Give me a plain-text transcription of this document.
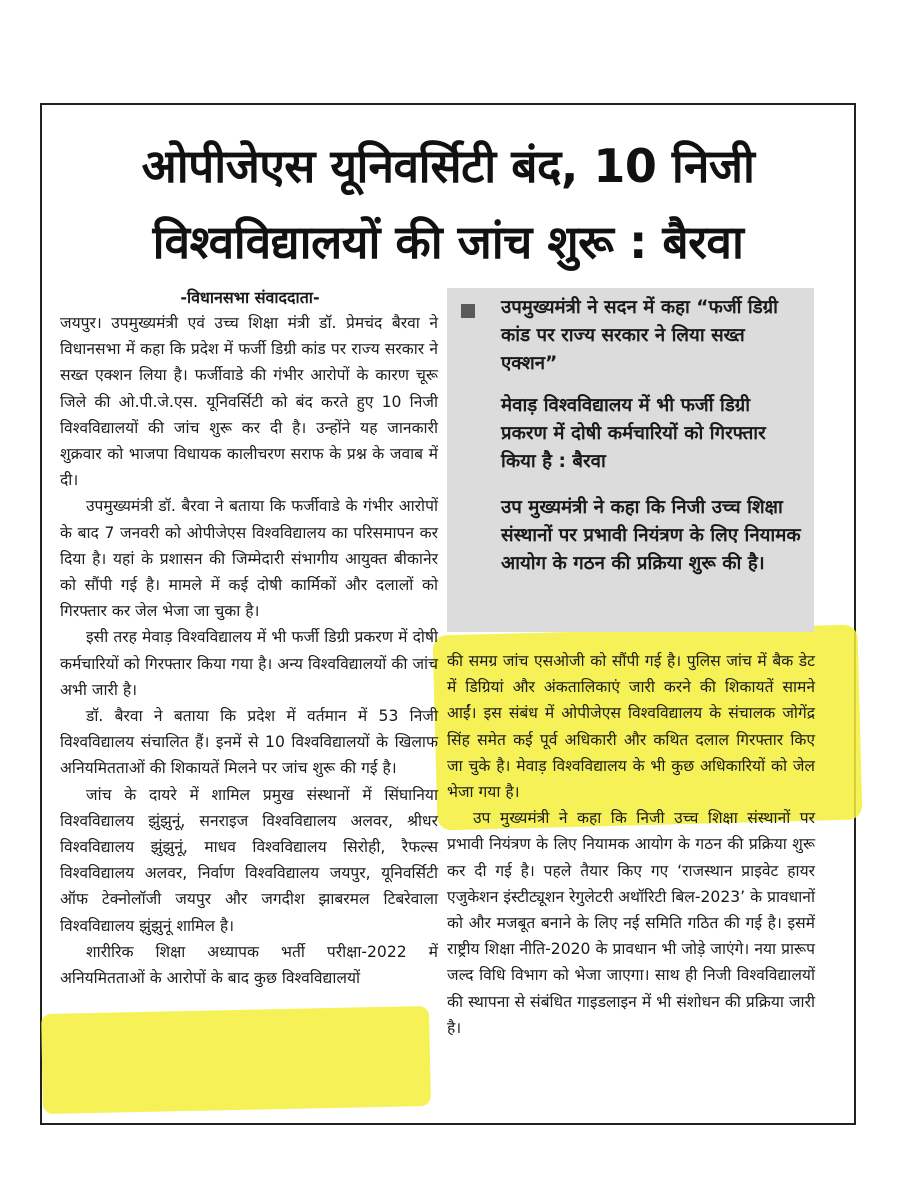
ओपीजेएस यूनिवर्सिटी बंद, 10 निजी
विश्वविद्यालयों की जांच शुरू : बैरवा
-विधानसभा संवाददाता-

जयपुर। उपमुख्यमंत्री एवं उच्च शिक्षा मंत्री डॉ. प्रेमचंद बैरवा ने विधानसभा में कहा कि प्रदेश में फर्जी डिग्री कांड पर राज्य सरकार ने सख्त एक्शन लिया है। फर्जीवाडे की गंभीर आरोपों के कारण चूरू जिले की ओ.पी.जे.एस. यूनिवर्सिटी को बंद करते हुए 10 निजी विश्वविद्यालयों की जांच शुरू कर दी है। उन्होंने यह जानकारी शुक्रवार को भाजपा विधायक कालीचरण सराफ के प्रश्न के जवाब में दी।

उपमुख्यमंत्री डॉ. बैरवा ने बताया कि फर्जीवाडे के गंभीर आरोपों के बाद 7 जनवरी को ओपीजेएस विश्वविद्यालय का परिसमापन कर दिया है। यहां के प्रशासन की जिम्मेदारी संभागीय आयुक्त बीकानेर को सौंपी गई है। मामले में कई दोषी कार्मिकों और दलालों को गिरफ्तार कर जेल भेजा जा चुका है।

इसी तरह मेवाड़ विश्वविद्यालय में भी फर्जी डिग्री प्रकरण में दोषी कर्मचारियों को गिरफ्तार किया गया है। अन्य विश्वविद्यालयों की जांच अभी जारी है।

डॉ. बैरवा ने बताया कि प्रदेश में वर्तमान में 53 निजी विश्वविद्यालय संचालित हैं। इनमें से 10 विश्वविद्यालयों के खिलाफ अनियमितताओं की शिकायतें मिलने पर जांच शुरू की गई है।

जांच के दायरे में शामिल प्रमुख संस्थानों में सिंघानिया विश्वविद्यालय झुंझुनूं, सनराइज विश्वविद्यालय अलवर, श्रीधर विश्वविद्यालय झुंझुनूं, माधव विश्वविद्यालय सिरोही, रैफल्स विश्वविद्यालय अलवर, निर्वाण विश्वविद्यालय जयपुर, यूनिवर्सिटी ऑफ टेक्नोलॉजी जयपुर और जगदीश झाबरमल टिबरेवाला विश्वविद्यालय झुंझुनूं शामिल है।

शारीरिक शिक्षा अध्यापक भर्ती परीक्षा-2022 में अनियमितताओं के आरोपों के बाद कुछ विश्वविद्यालयों

उपमुख्यमंत्री ने सदन में कहा “फर्जी डिग्री कांड पर राज्य सरकार ने लिया सख्त एक्शन”

मेवाड़ विश्वविद्यालय में भी फर्जी डिग्री प्रकरण में दोषी कर्मचारियों को गिरफ्तार किया है : बैरवा

उप मुख्यमंत्री ने कहा कि निजी उच्च शिक्षा संस्थानों पर प्रभावी नियंत्रण के लिए नियामक आयोग के गठन की प्रक्रिया शुरू की है।

की समग्र जांच एसओजी को सौंपी गई है। पुलिस जांच में बैक डेट में डिग्रियां और अंकतालिकाएं जारी करने की शिकायतें सामने आईं। इस संबंध में ओपीजेएस विश्वविद्यालय के संचालक जोगेंद्र सिंह समेत कई पूर्व अधिकारी और कथित दलाल गिरफ्तार किए जा चुके है। मेवाड़ विश्वविद्यालय के भी कुछ अधिकारियों को जेल भेजा गया है।

उप मुख्यमंत्री ने कहा कि निजी उच्च शिक्षा संस्थानों पर प्रभावी नियंत्रण के लिए नियामक आयोग के गठन की प्रक्रिया शुरू कर दी गई है। पहले तैयार किए गए ‘राजस्थान प्राइवेट हायर एजुकेशन इंस्टीट्यूशन रेगुलेटरी अथॉरिटी बिल-2023’ के प्रावधानों को और मजबूत बनाने के लिए नई समिति गठित की गई है। इसमें राष्ट्रीय शिक्षा नीति-2020 के प्रावधान भी जोड़े जाएंगे। नया प्रारूप जल्द विधि विभाग को भेजा जाएगा। साथ ही निजी विश्वविद्यालयों की स्थापना से संबंधित गाइडलाइन में भी संशोधन की प्रक्रिया जारी है।
